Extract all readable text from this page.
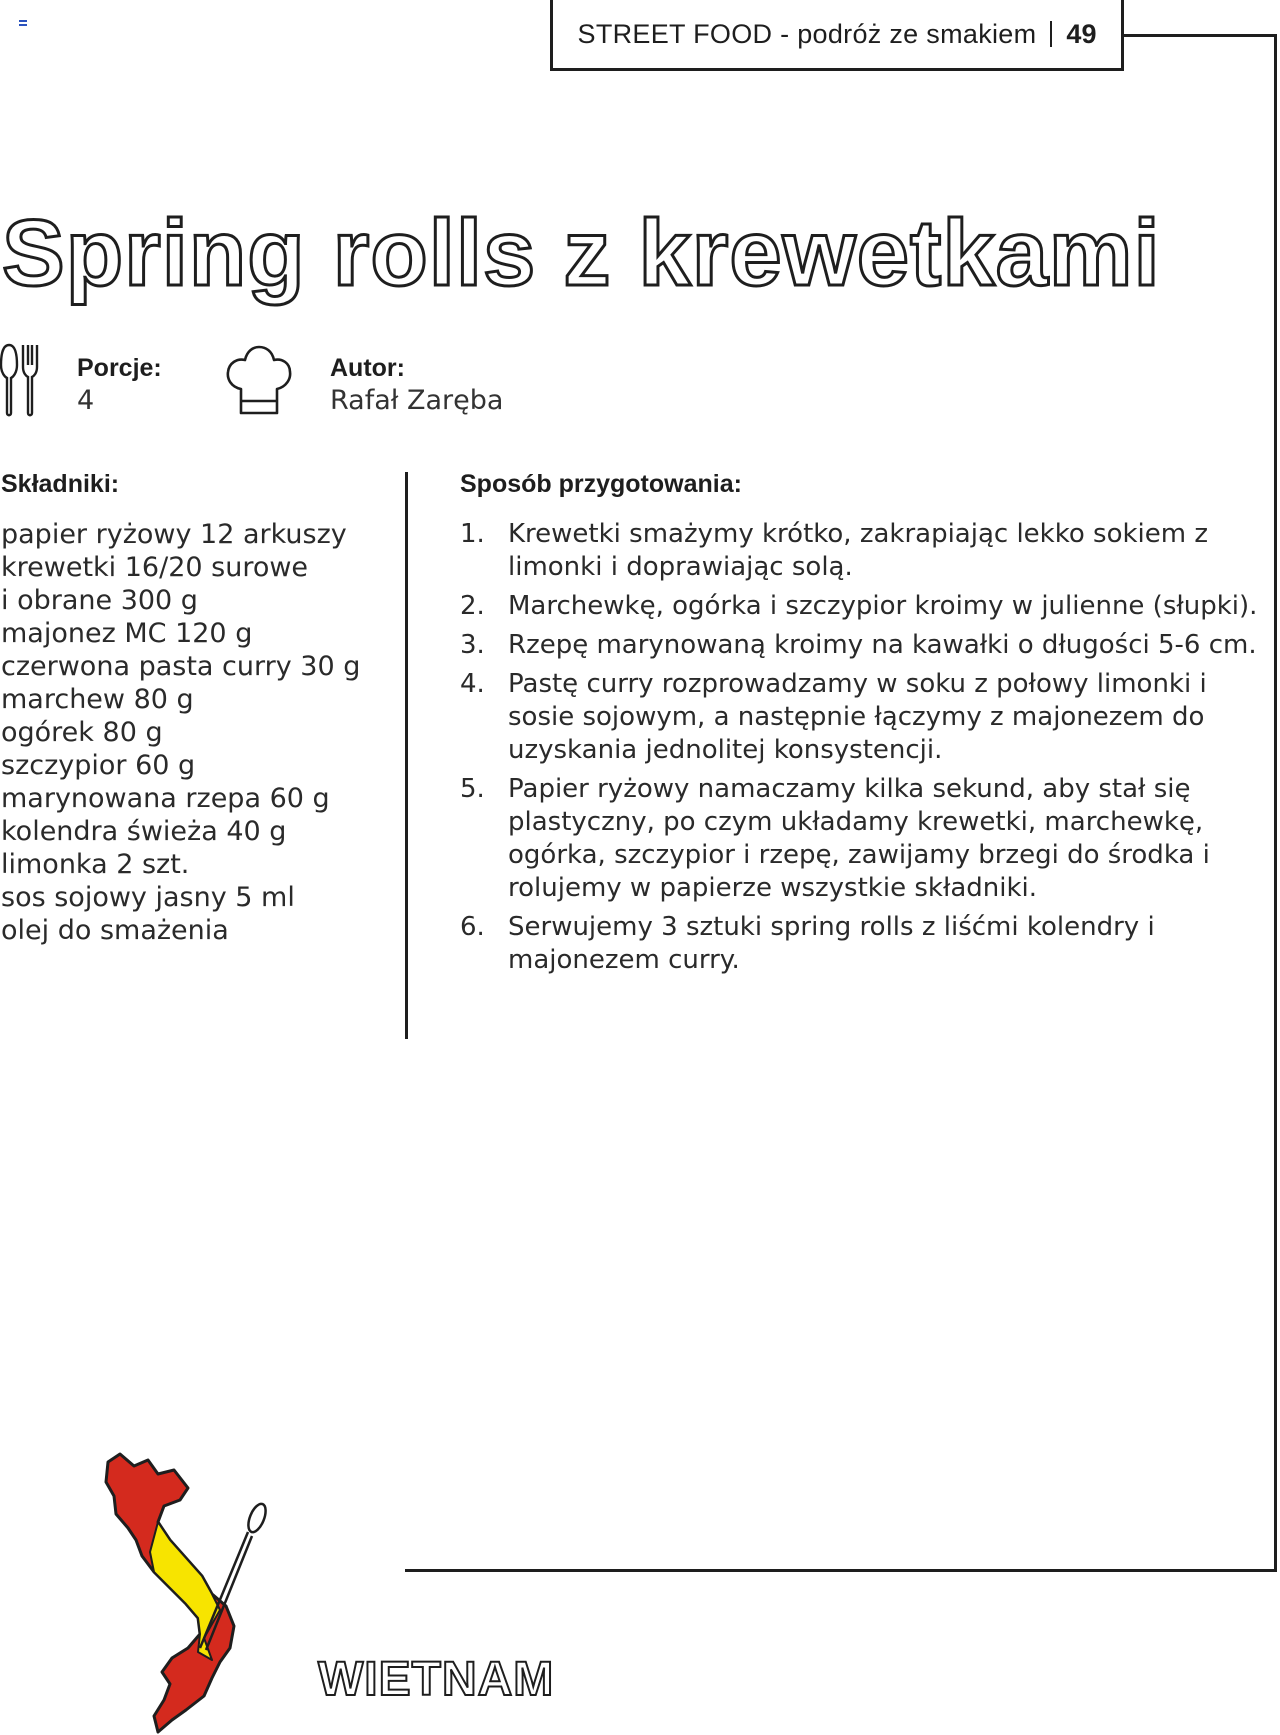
STREET FOOD - podróż ze smakiem 49
Spring rolls z krewetkami
Porcje:
4
Autor:
Rafał Zaręba
Składniki:
papier ryżowy 12 arkuszy
krewetki 16/20 surowe
i obrane 300 g
majonez MC 120 g
czerwona pasta curry 30 g
marchew 80 g
ogórek 80 g
szczypior 60 g
marynowana rzepa 60 g
kolendra świeża 40 g
limonka 2 szt.
sos sojowy jasny 5 ml
olej do smażenia
Sposób przygotowania:
1. Krewetki smażymy krótko, zakrapiając lekko sokiem z limonki i doprawiając solą.
2. Marchewkę, ogórka i szczypior kroimy w julienne (słupki).
3. Rzepę marynowaną kroimy na kawałki o długości 5-6 cm.
4. Pastę curry rozprowadzamy w soku z połowy limonki i sosie sojowym, a następnie łączymy z majonezem do uzyskania jednolitej konsystencji.
5. Papier ryżowy namaczamy kilka sekund, aby stał się plastyczny, po czym układamy krewetki, marchewkę, ogórka, szczypior i rzepę, zawijamy brzegi do środka i rolujemy w papierze wszystkie składniki.
6. Serwujemy 3 sztuki spring rolls z liśćmi kolendry i majonezem curry.
WIETNAM
